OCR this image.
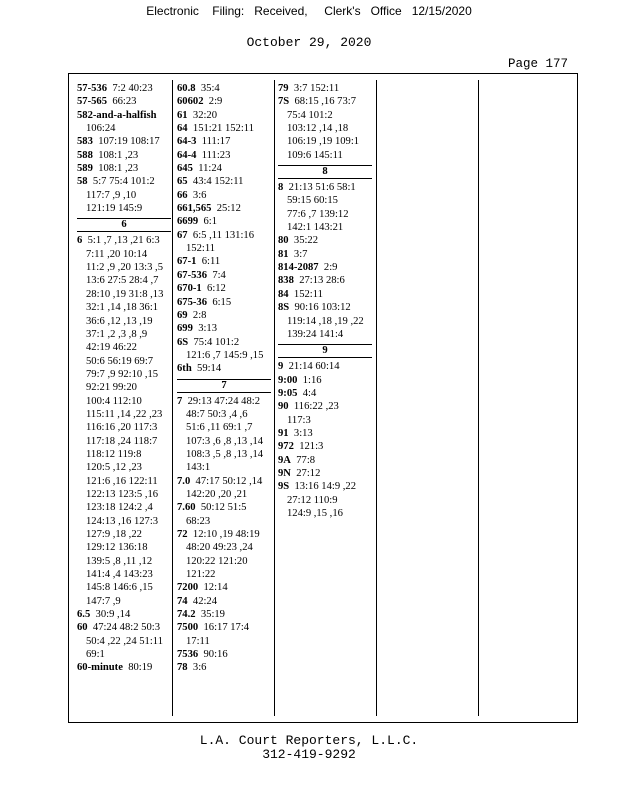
Electronic    Filing:   Received,     Clerk's   Office   12/15/2020
October 29, 2020
Page 177
57-536 7:2 40:23
57-565 66:23
582-and-a-halfish
106:24
583 107:19 108:17
588 108:1 ,23
589 108:1 ,23
58 5:7 75:4 101:2
117:7 ,9 ,10
121:19 145:9
6
6 5:1 ,7 ,13 ,21 6:3
7:11 ,20 10:14
11:2 ,9 ,20 13:3 ,5
13:6 27:5 28:4 ,7
28:10 ,19 31:8 ,13
32:1 ,14 ,18 36:1
36:6 ,12 ,13 ,19
37:1 ,2 ,3 ,8 ,9
42:19 46:22
50:6 56:19 69:7
79:7 ,9 92:10 ,15
92:21 99:20
100:4 112:10
115:11 ,14 ,22 ,23
116:16 ,20 117:3
117:18 ,24 118:7
118:12 119:8
120:5 ,12 ,23
121:6 ,16 122:11
122:13 123:5 ,16
123:18 124:2 ,4
124:13 ,16 127:3
127:9 ,18 ,22
129:12 136:18
139:5 ,8 ,11 ,12
141:4 ,4 143:23
145:8 146:6 ,15
147:7 ,9
6.5 30:9 ,14
60 47:24 48:2 50:3
50:4 ,22 ,24 51:11
69:1
60-minute 80:19
60.8 35:4
60602 2:9
61 32:20
64 151:21 152:11
64-3 111:17
64-4 111:23
645 11:24
65 43:4 152:11
66 3:6
661,565 25:12
6699 6:1
67 6:5 ,11 131:16
152:11
67-1 6:11
67-536 7:4
670-1 6:12
675-36 6:15
69 2:8
699 3:13
6S 75:4 101:2
121:6 ,7 145:9 ,15
6th 59:14
7
7 29:13 47:24 48:2
48:7 50:3 ,4 ,6
51:6 ,11 69:1 ,7
107:3 ,6 ,8 ,13 ,14
108:3 ,5 ,8 ,13 ,14
143:1
7.0 47:17 50:12 ,14
142:20 ,20 ,21
7.60 50:12 51:5
68:23
72 12:10 ,19 48:19
48:20 49:23 ,24
120:22 121:20
121:22
7200 12:14
74 42:24
74.2 35:19
7500 16:17 17:4
17:11
7536 90:16
78 3:6
79 3:7 152:11
7S 68:15 ,16 73:7
75:4 101:2
103:12 ,14 ,18
106:19 ,19 109:1
109:6 145:11
8
8 21:13 51:6 58:1
59:15 60:15
77:6 ,7 139:12
142:1 143:21
80 35:22
81 3:7
814-2087 2:9
838 27:13 28:6
84 152:11
8S 90:16 103:12
119:14 ,18 ,19 ,22
139:24 141:4
9
9 21:14 60:14
9:00 1:16
9:05 4:4
90 116:22 ,23
117:3
91 3:13
972 121:3
9A 77:8
9N 27:12
9S 13:16 14:9 ,22
27:12 110:9
124:9 ,15 ,16
L.A. Court Reporters, L.L.C.
312-419-9292
